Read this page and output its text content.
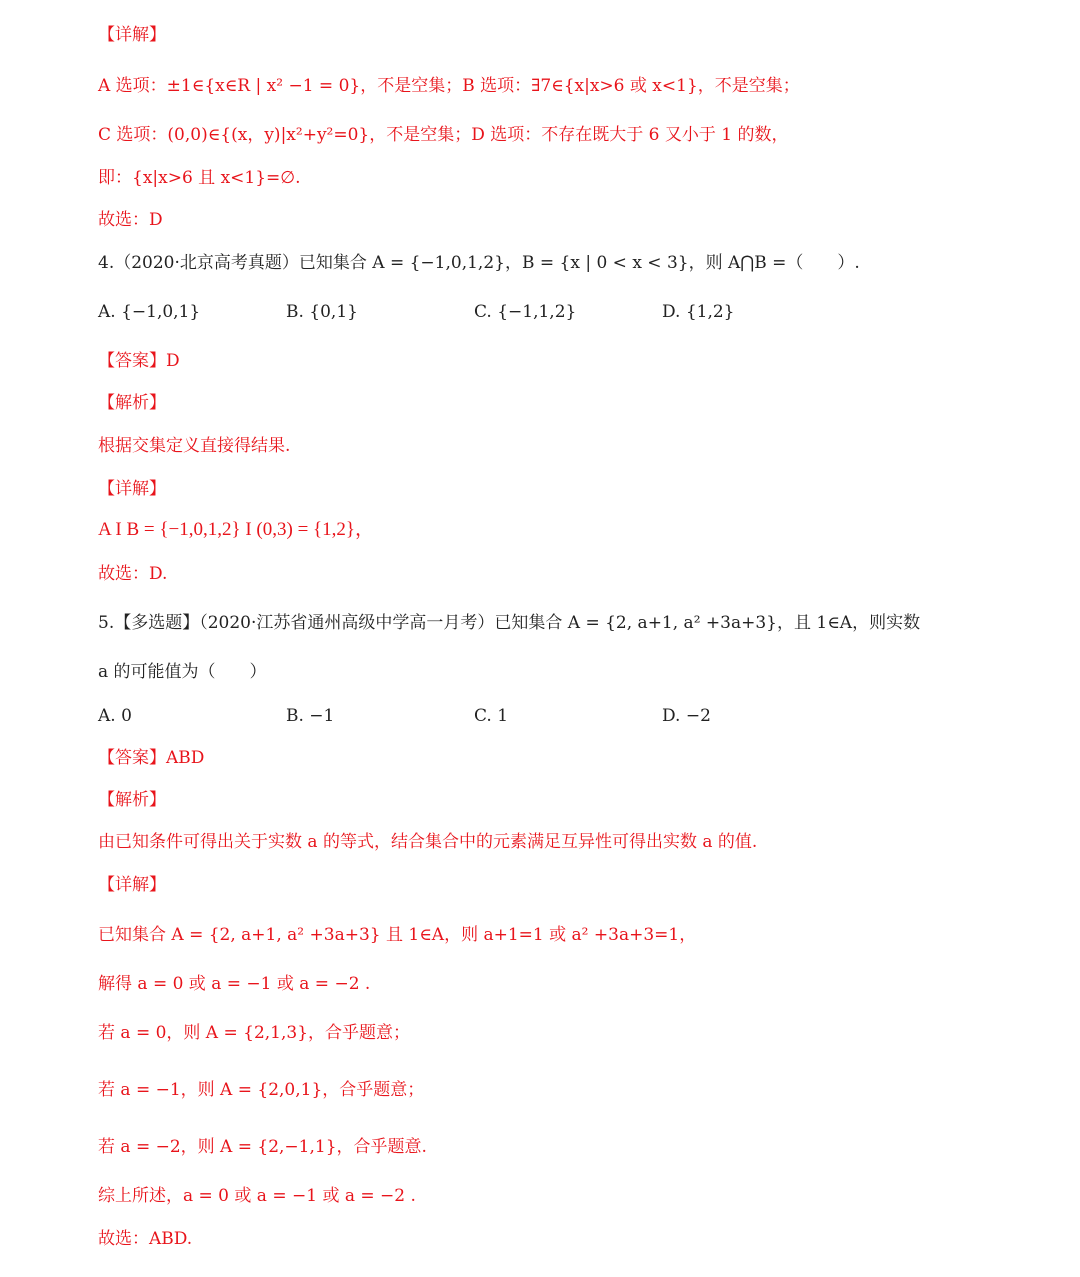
【详解】
A 选项：±1∈{x∈R | x² −1 = 0}，不是空集；B 选项：∃7∈{x|x>6 或 x<1}，不是空集；
C 选项：(0,0)∈{(x，y)|x²+y²=0}，不是空集；D 选项：不存在既大于 6 又小于 1 的数，
即：{x|x>6 且 x<1}=∅.
故选：D
4.（2020·北京高考真题）已知集合 A = {−1,0,1,2}，B = {x | 0 < x < 3}，则 A⋂B =（　　）.
A. {−1,0,1}	B. {0,1}	C. {−1,1,2}	D. {1,2}
【答案】D
【解析】
根据交集定义直接得结果.
【详解】
A I B = {−1,0,1,2} I (0,3) = {1,2}，
故选：D.
5.【多选题】（2020·江苏省通州高级中学高一月考）已知集合 A = {2, a+1, a² +3a+3}，且 1∈A，则实数
a 的可能值为（　　）
A. 0	B. −1	C. 1	D. −2
【答案】ABD
【解析】
由已知条件可得出关于实数 a 的等式，结合集合中的元素满足互异性可得出实数 a 的值.
【详解】
已知集合 A = {2, a+1, a² +3a+3} 且 1∈A，则 a+1=1 或 a² +3a+3=1，
解得 a = 0 或 a = −1 或 a = −2 .
若 a = 0，则 A = {2,1,3}，合乎题意；
若 a = −1，则 A = {2,0,1}，合乎题意；
若 a = −2，则 A = {2,−1,1}，合乎题意.
综上所述，a = 0 或 a = −1 或 a = −2 .
故选：ABD.
